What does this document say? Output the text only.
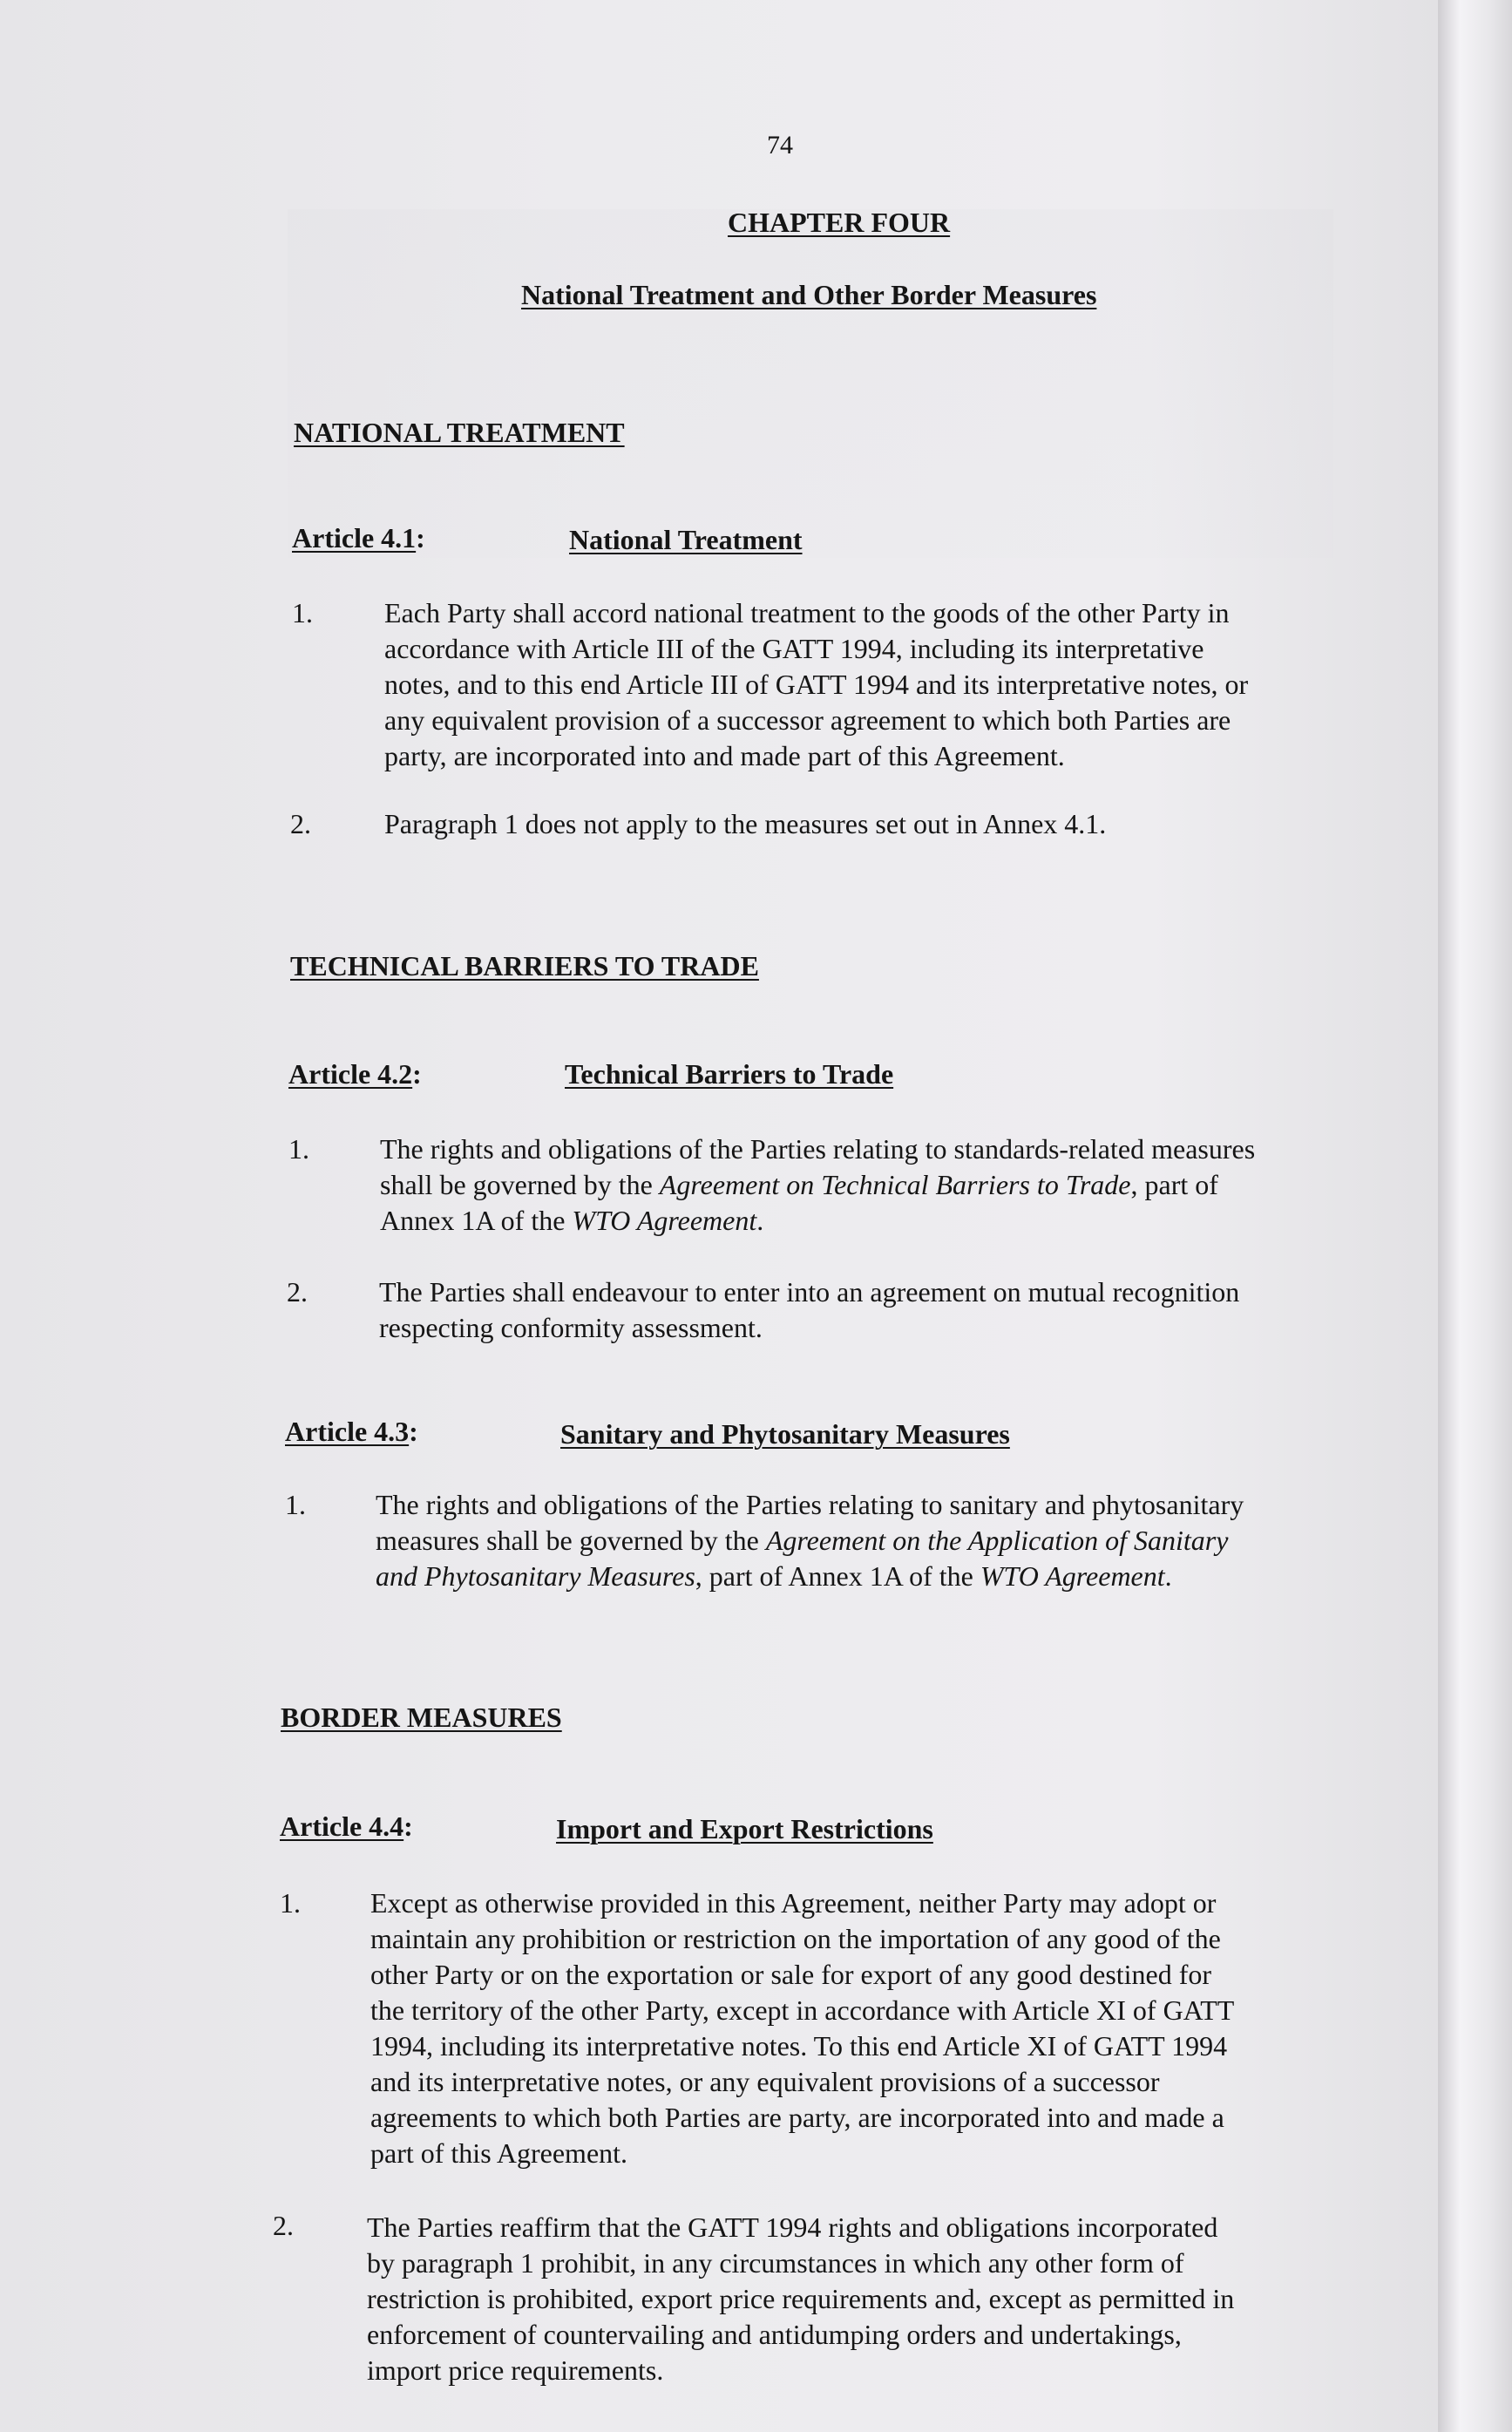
74
CHAPTER FOUR
National Treatment and Other Border Measures
NATIONAL TREATMENT
Article 4.1:	National Treatment
1.	Each Party shall accord national treatment to the goods of the other Party in
accordance with Article III of the GATT 1994, including its interpretative
notes, and to this end Article III of GATT 1994 and its interpretative notes, or
any equivalent provision of a successor agreement to which both Parties are
party, are incorporated into and made part of this Agreement.
2.	Paragraph 1 does not apply to the measures set out in Annex 4.1.
TECHNICAL BARRIERS TO TRADE
Article 4.2:	Technical Barriers to Trade
1.	The rights and obligations of the Parties relating to standards-related measures
shall be governed by the Agreement on Technical Barriers to Trade, part of
Annex 1A of the WTO Agreement.
2.	The Parties shall endeavour to enter into an agreement on mutual recognition
respecting conformity assessment.
Article 4.3:	Sanitary and Phytosanitary Measures
1.	The rights and obligations of the Parties relating to sanitary and phytosanitary
measures shall be governed by the Agreement on the Application of Sanitary
and Phytosanitary Measures, part of Annex 1A of the WTO Agreement.
BORDER MEASURES
Article 4.4:	Import and Export Restrictions
1.	Except as otherwise provided in this Agreement, neither Party may adopt or
maintain any prohibition or restriction on the importation of any good of the
other Party or on the exportation or sale for export of any good destined for
the territory of the other Party, except in accordance with Article XI of GATT
1994, including its interpretative notes. To this end Article XI of GATT 1994
and its interpretative notes, or any equivalent provisions of a successor
agreements to which both Parties are party, are incorporated into and made a
part of this Agreement.
2.	The Parties reaffirm that the GATT 1994 rights and obligations incorporated
by paragraph 1 prohibit, in any circumstances in which any other form of
restriction is prohibited, export price requirements and, except as permitted in
enforcement of countervailing and antidumping orders and undertakings,
import price requirements.
